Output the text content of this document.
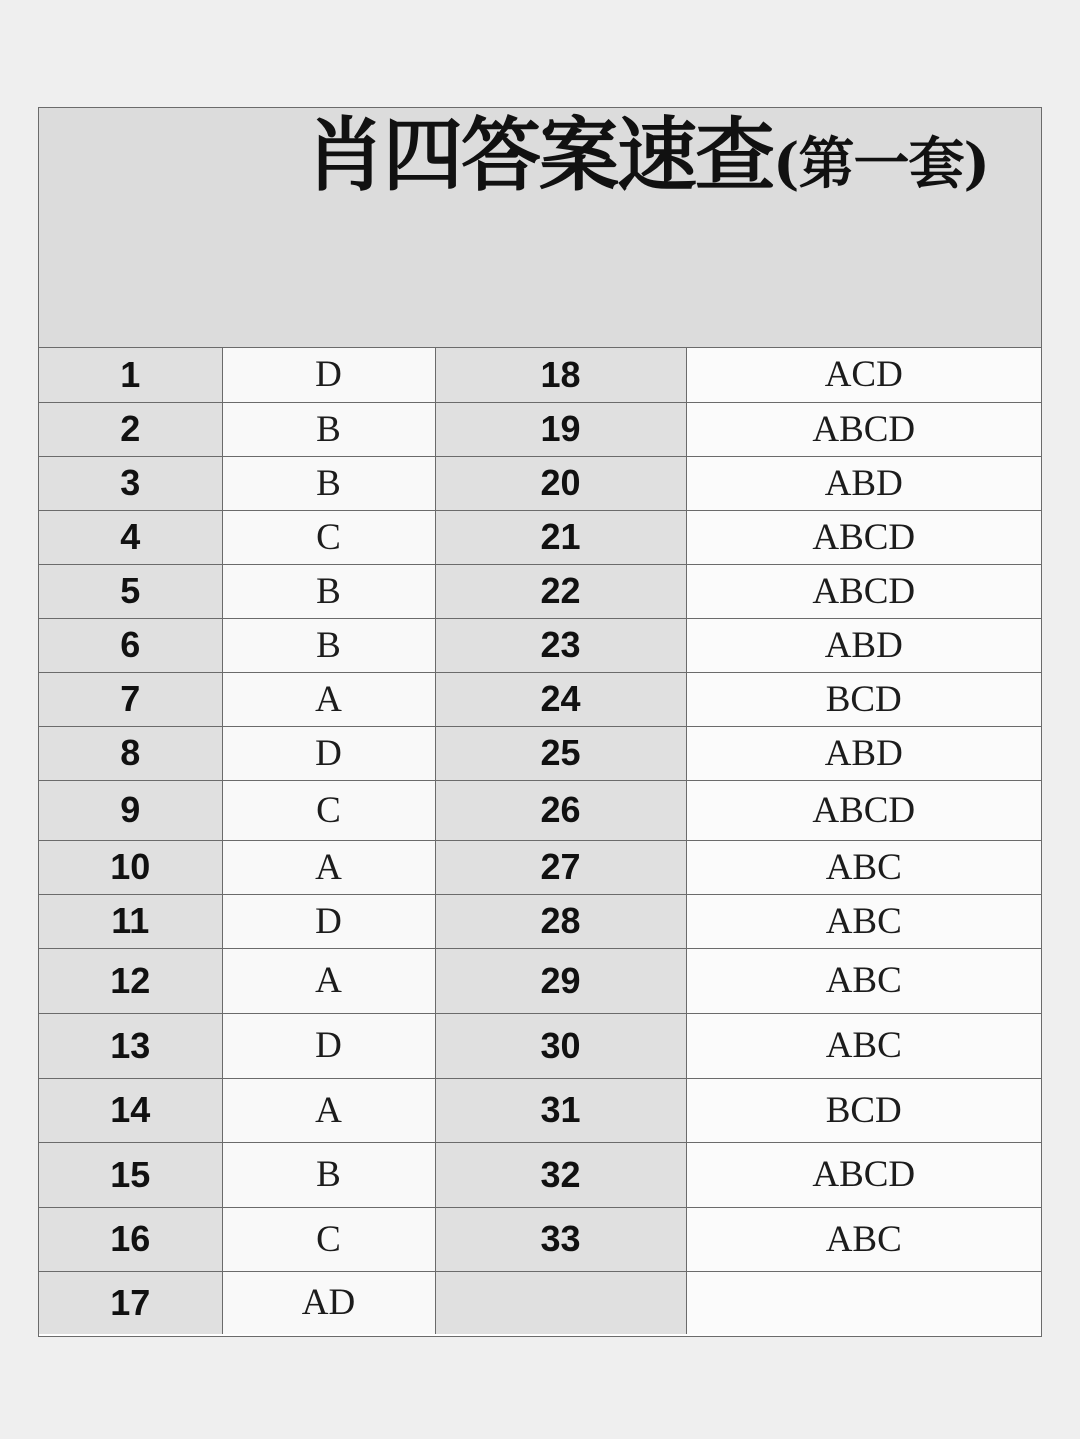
肖四答案速查(第一套)
1	D	18	ACD
2	B	19	ABCD
3	B	20	ABD
4	C	21	ABCD
5	B	22	ABCD
6	B	23	ABD
7	A	24	BCD
8	D	25	ABD
9	C	26	ABCD
10	A	27	ABC
11	D	28	ABC
12	A	29	ABC
13	D	30	ABC
14	A	31	BCD
15	B	32	ABCD
16	C	33	ABC
17	AD		
